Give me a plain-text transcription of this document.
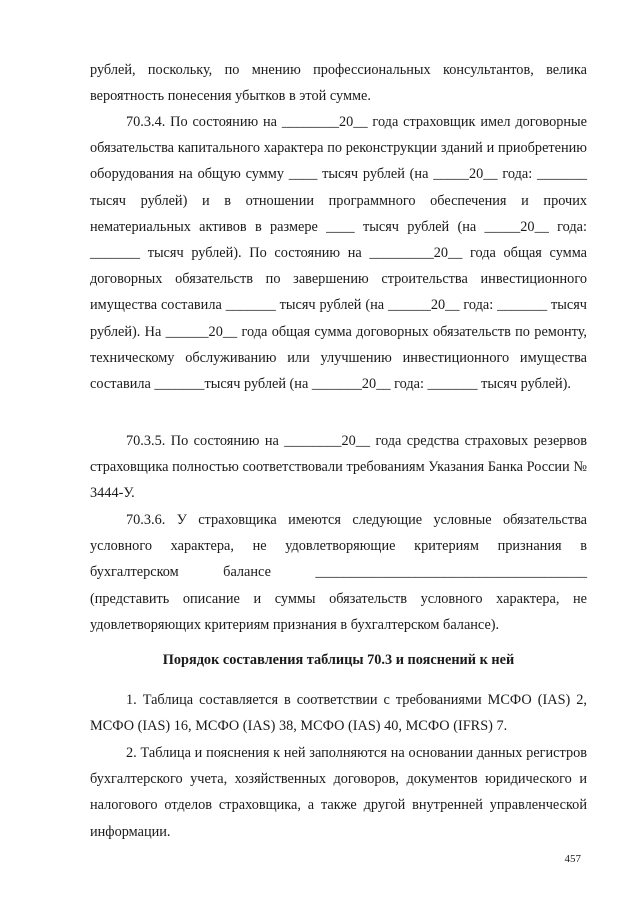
рублей, поскольку, по мнению профессиональных консультантов, велика вероятность понесения убытков в этой сумме.

70.3.4. По состоянию на ________20__ года страховщик имел договорные обязательства капитального характера по реконструкции зданий и приобретению оборудования на общую сумму ____ тысяч рублей (на _____20__ года: _______ тысяч рублей) и в отношении программного обеспечения и прочих нематериальных активов в размере ____ тысяч рублей (на _____20__ года: _______ тысяч рублей). По состоянию на _________20__ года общая сумма договорных обязательств по завершению строительства инвестиционного имущества составила _______ тысяч рублей (на ______20__ года: _______ тысяч рублей). На ______20__ года общая сумма договорных обязательств по ремонту, техническому обслуживанию или улучшению инвестиционного имущества составила _______тысяч рублей (на _______20__ года: _______ тысяч рублей).

70.3.5. По состоянию на ________20__ года средства страховых резервов страховщика полностью соответствовали требованиям Указания Банка России № 3444-У.

70.3.6. У страховщика имеются следующие условные обязательства условного характера, не удовлетворяющие критериям признания в бухгалтерском балансе ______________________________________ (представить описание и суммы обязательств условного характера, не удовлетворяющих критериям признания в бухгалтерском балансе).

Порядок составления таблицы 70.3 и пояснений к ней

1. Таблица составляется в соответствии с требованиями МСФО (IAS) 2, МСФО (IAS) 16, МСФО (IAS) 38, МСФО (IAS) 40, МСФО (IFRS) 7.

2. Таблица и пояснения к ней заполняются на основании данных регистров бухгалтерского учета, хозяйственных договоров, документов юридического и налогового отделов страховщика, а также другой внутренней управленческой информации.

457
